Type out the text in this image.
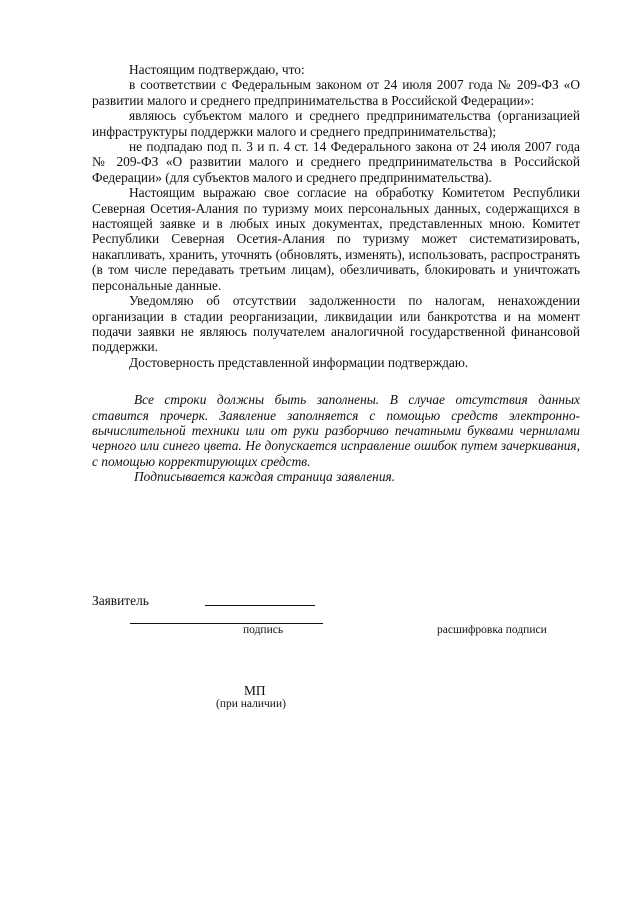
Настоящим подтверждаю, что:

в соответствии с Федеральным законом от 24 июля 2007 года № 209-ФЗ «О развитии малого и среднего предпринимательства в Российской Федерации»:

являюсь субъектом малого и среднего предпринимательства (организацией инфраструктуры поддержки малого и среднего предпринимательства);

не подпадаю под п. 3 и п. 4 ст. 14 Федерального закона от 24 июля 2007 года № 209-ФЗ «О развитии малого и среднего предпринимательства в Российской Федерации» (для субъектов малого и среднего предпринимательства).

Настоящим выражаю свое согласие на обработку Комитетом Республики Северная Осетия-Алания по туризму моих персональных данных, содержащихся в настоящей заявке и в любых иных документах, представленных мною. Комитет Республики Северная Осетия-Алания по туризму может систематизировать, накапливать, хранить, уточнять (обновлять, изменять), использовать, распространять (в том числе передавать третьим лицам), обезличивать, блокировать и уничтожать персональные данные.

Уведомляю об отсутствии задолженности по налогам, ненахождении организации в стадии реорганизации, ликвидации или банкротства и на момент подачи заявки не являюсь получателем аналогичной государственной финансовой поддержки.

Достоверность представленной информации подтверждаю.

Все строки должны быть заполнены. В случае отсутствия данных ставится прочерк. Заявление заполняется с помощью средств электронно-вычислительной техники или от руки разборчиво печатными буквами чернилами черного или синего цвета. Не допускается исправление ошибок путем зачеркивания, с помощью корректирующих средств.

Подписывается каждая страница заявления.

Заявитель
подпись	расшифровка подписи
МП
(при наличии)
